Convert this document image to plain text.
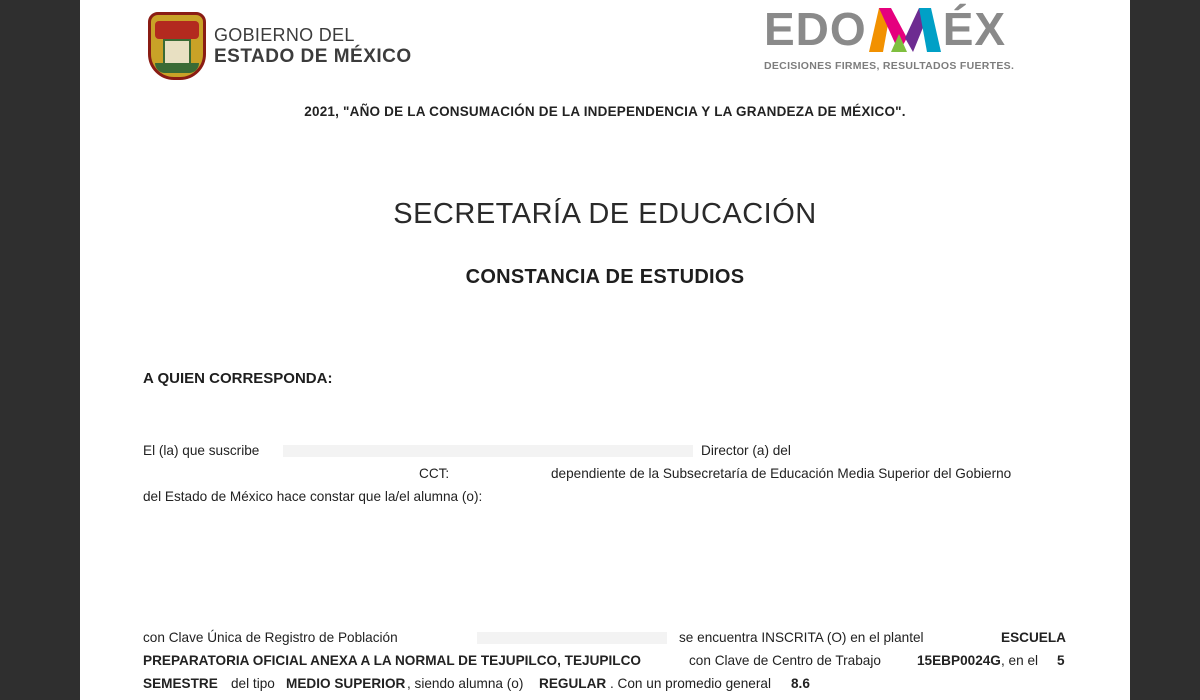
GOBIERNO DEL
ESTADO DE MÉXICO
EDO ÉX
DECISIONES FIRMES, RESULTADOS FUERTES.
2021, "AÑO DE LA CONSUMACIÓN DE LA INDEPENDENCIA Y LA GRANDEZA DE MÉXICO".
SECRETARÍA DE EDUCACIÓN
CONSTANCIA DE ESTUDIOS
A QUIEN CORRESPONDA:
El (la) que suscribe	Director (a) del
CCT:	dependiente de la Subsecretaría de Educación Media Superior del Gobierno
del Estado de México hace constar que la/el alumna (o):
con Clave Única de Registro de Población	se encuentra INSCRITA (O) en el plantel	ESCUELA
PREPARATORIA OFICIAL ANEXA A LA NORMAL DE TEJUPILCO, TEJUPILCO	con Clave de Centro de Trabajo	15EBP0024G , en el 5
SEMESTRE del tipo MEDIO SUPERIOR , siendo alumna (o) REGULAR . Con un promedio general 8.6
